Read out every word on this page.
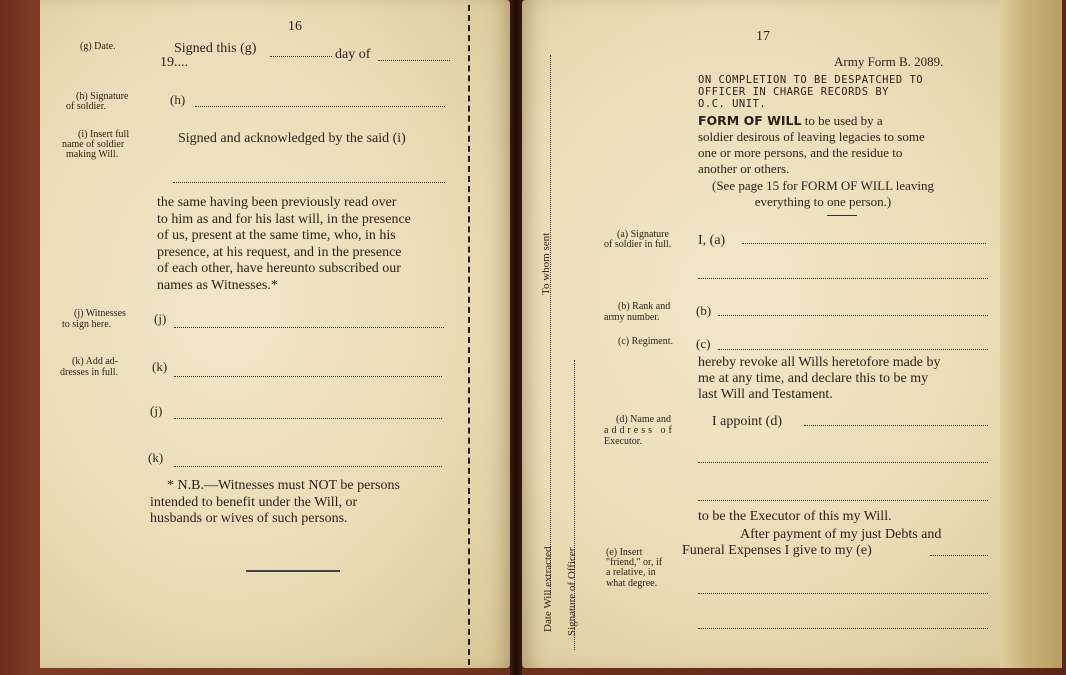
16
(g) Date.	Signed this (g)	day of
19....
(h) Signature
of soldier.	(h)
(i) Insert full
name of soldier
making Will.
Signed and acknowledged by the said (i)
the same having been previously read over
to him as and for his last will, in the presence
of us, present at the same time, who, in his
presence, at his request, and in the presence
of each other, have hereunto subscribed our
names as Witnesses.*
(j) Witnesses
to sign here.	(j)
(k) Add ad-
dresses in full.	(k)
(j)
(k)
* N.B.—Witnesses must NOT be persons
intended to benefit under the Will, or
husbands or wives of such persons.
To whom sent
Date Will extracted Signature of Officer
17
Army Form B. 2089.
ON COMPLETION TO BE DESPATCHED TO
OFFICER IN CHARGE RECORDS BY
O.C. UNIT.
FORM OF WILL to be used by a
soldier desirous of leaving legacies to some
one or more persons, and the residue to
another or others.
(See page 15 for FORM OF WILL leaving
everything to one person.)
(a) Signature
of soldier in full. I, (a)
(b) Rank and
army number.	(b)
(c) Regiment. (c)
hereby revoke all Wills heretofore made by
me at any time, and declare this to be my
last Will and Testament.
(d) Name and
address of
Executor.
I appoint (d)
to be the Executor of this my Will.
After payment of my just Debts and
Funeral Expenses I give to my (e)
(e) Insert
"friend," or, if
a relative, in
what degree.
